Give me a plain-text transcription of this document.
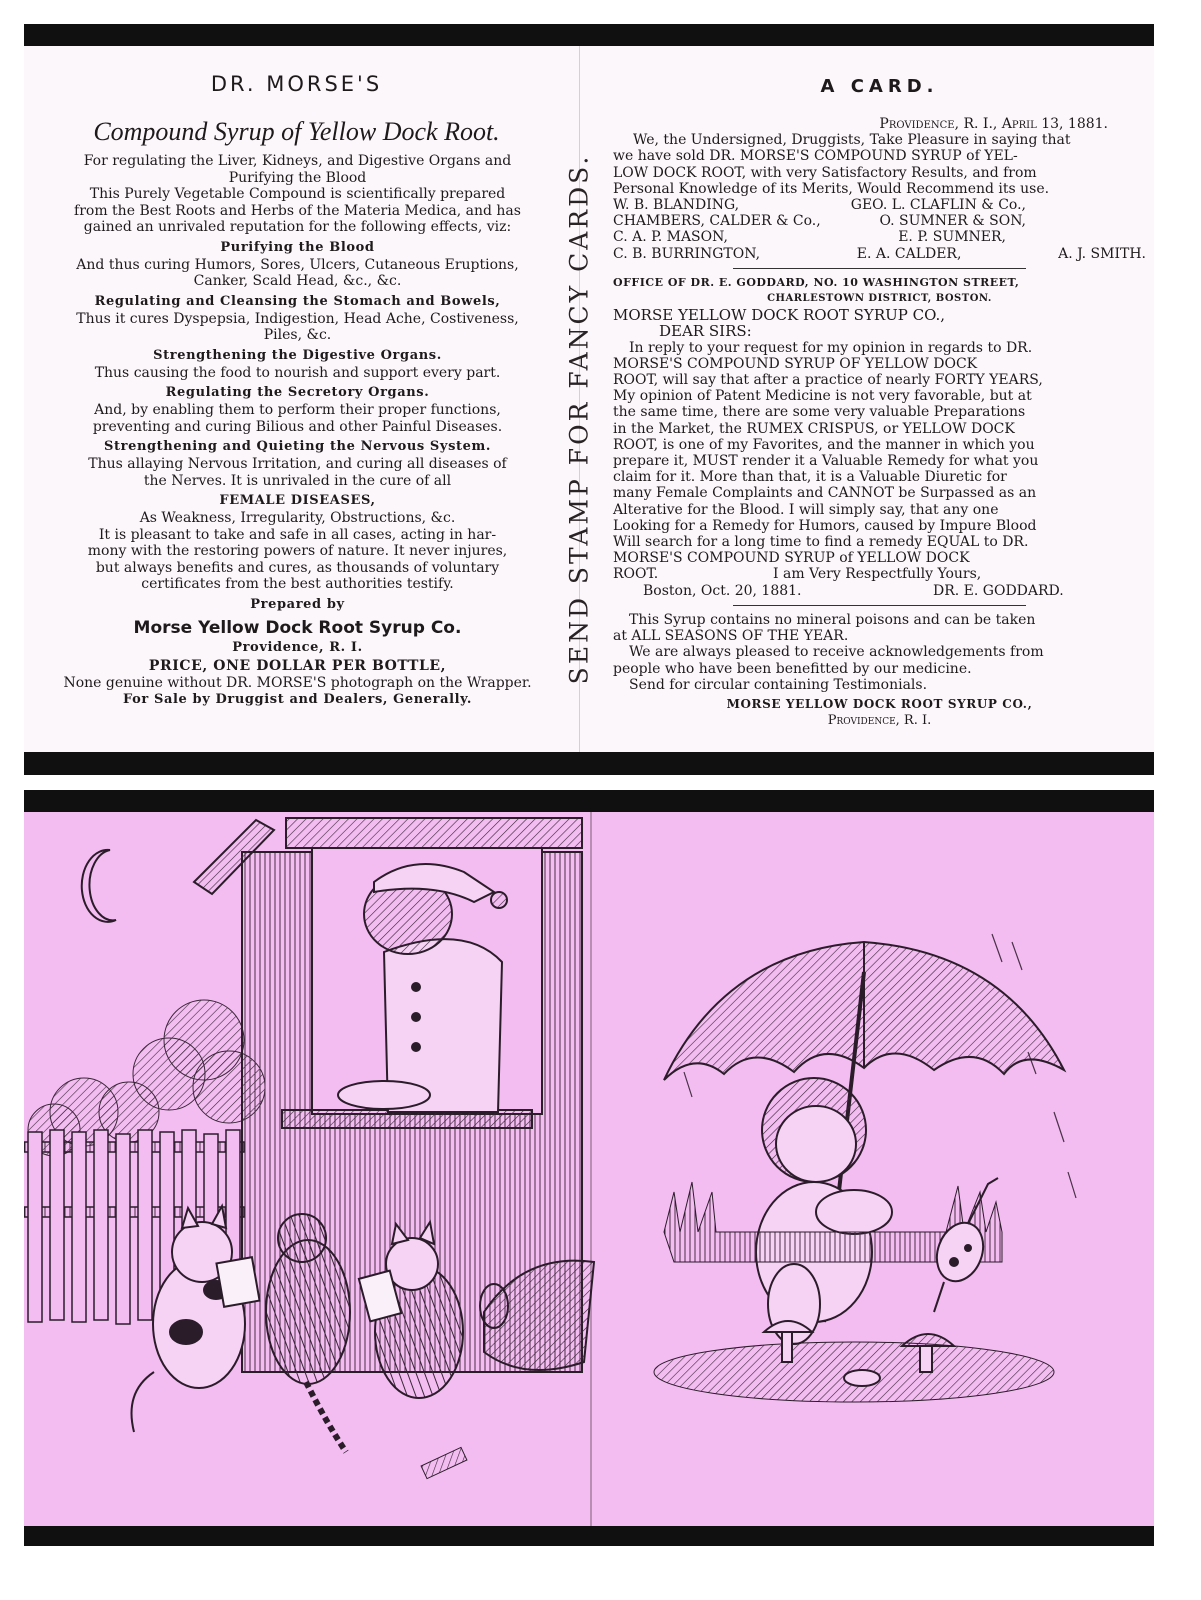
DR. MORSE'S

Compound Syrup of Yellow Dock Root.

For regulating the Liver, Kidneys, and Digestive Organs and

Purifying the Blood

This Purely Vegetable Compound is scientifically prepared

from the Best Roots and Herbs of the Materia Medica, and has

gained an unrivaled reputation for the following effects, viz:

Purifying the Blood

And thus curing Humors, Sores, Ulcers, Cutaneous Eruptions,

Canker, Scald Head, &c., &c.

Regulating and Cleansing the Stomach and Bowels,

Thus it cures Dyspepsia, Indigestion, Head Ache, Costiveness,

Piles, &c.

Strengthening the Digestive Organs.

Thus causing the food to nourish and support every part.

Regulating the Secretory Organs.

And, by enabling them to perform their proper functions,

preventing and curing Bilious and other Painful Diseases.

Strengthening and Quieting the Nervous System.

Thus allaying Nervous Irritation, and curing all diseases of

the Nerves. It is unrivaled in the cure of all

FEMALE DISEASES,

As Weakness, Irregularity, Obstructions, &c.

It is pleasant to take and safe in all cases, acting in har-

mony with the restoring powers of nature. It never injures,

but always benefits and cures, as thousands of voluntary

certificates from the best authorities testify.

Prepared by

Morse Yellow Dock Root Syrup Co.

Providence, R. I.

PRICE, ONE DOLLAR PER BOTTLE,

None genuine without DR. MORSE'S photograph on the Wrapper.

For Sale by Druggist and Dealers, Generally.

SEND STAMP FOR FANCY CARDS.

A CARD.

Providence, R. I., April 13, 1881.

We, the Undersigned, Druggists, Take Pleasure in saying that

we have sold DR. MORSE'S COMPOUND SYRUP of YEL-

LOW DOCK ROOT, with very Satisfactory Results, and from

Personal Knowledge of its Merits, Would Recommend its use.

W. B. BLANDING,	GEO. L. CLAFLIN & Co.,
CHAMBERS, CALDER & Co.,	O. SUMNER & SON,
C. A. P. MASON,	E. P. SUMNER,
C. B. BURRINGTON,	E. A. CALDER,	A. J. SMITH.

OFFICE OF DR. E. GODDARD, NO. 10 WASHINGTON STREET,

CHARLESTOWN DISTRICT, BOSTON.

MORSE YELLOW DOCK ROOT SYRUP CO.,

DEAR SIRS:

In reply to your request for my opinion in regards to DR.

MORSE'S COMPOUND SYRUP OF YELLOW DOCK

ROOT, will say that after a practice of nearly FORTY YEARS,

My opinion of Patent Medicine is not very favorable, but at

the same time, there are some very valuable Preparations

in the Market, the RUMEX CRISPUS, or YELLOW DOCK

ROOT, is one of my Favorites, and the manner in which you

prepare it, MUST render it a Valuable Remedy for what you

claim for it. More than that, it is a Valuable Diuretic for

many Female Complaints and CANNOT be Surpassed as an

Alterative for the Blood. I will simply say, that any one

Looking for a Remedy for Humors, caused by Impure Blood

Will search for a long time to find a remedy EQUAL to DR.

MORSE'S COMPOUND SYRUP of YELLOW DOCK

ROOT.	I am Very Respectfully Yours,
Boston, Oct. 20, 1881.	DR. E. GODDARD.

This Syrup contains no mineral poisons and can be taken

at ALL SEASONS OF THE YEAR.

We are always pleased to receive acknowledgements from

people who have been benefitted by our medicine.

Send for circular containing Testimonials.

MORSE YELLOW DOCK ROOT SYRUP CO.,

Providence, R. I.
